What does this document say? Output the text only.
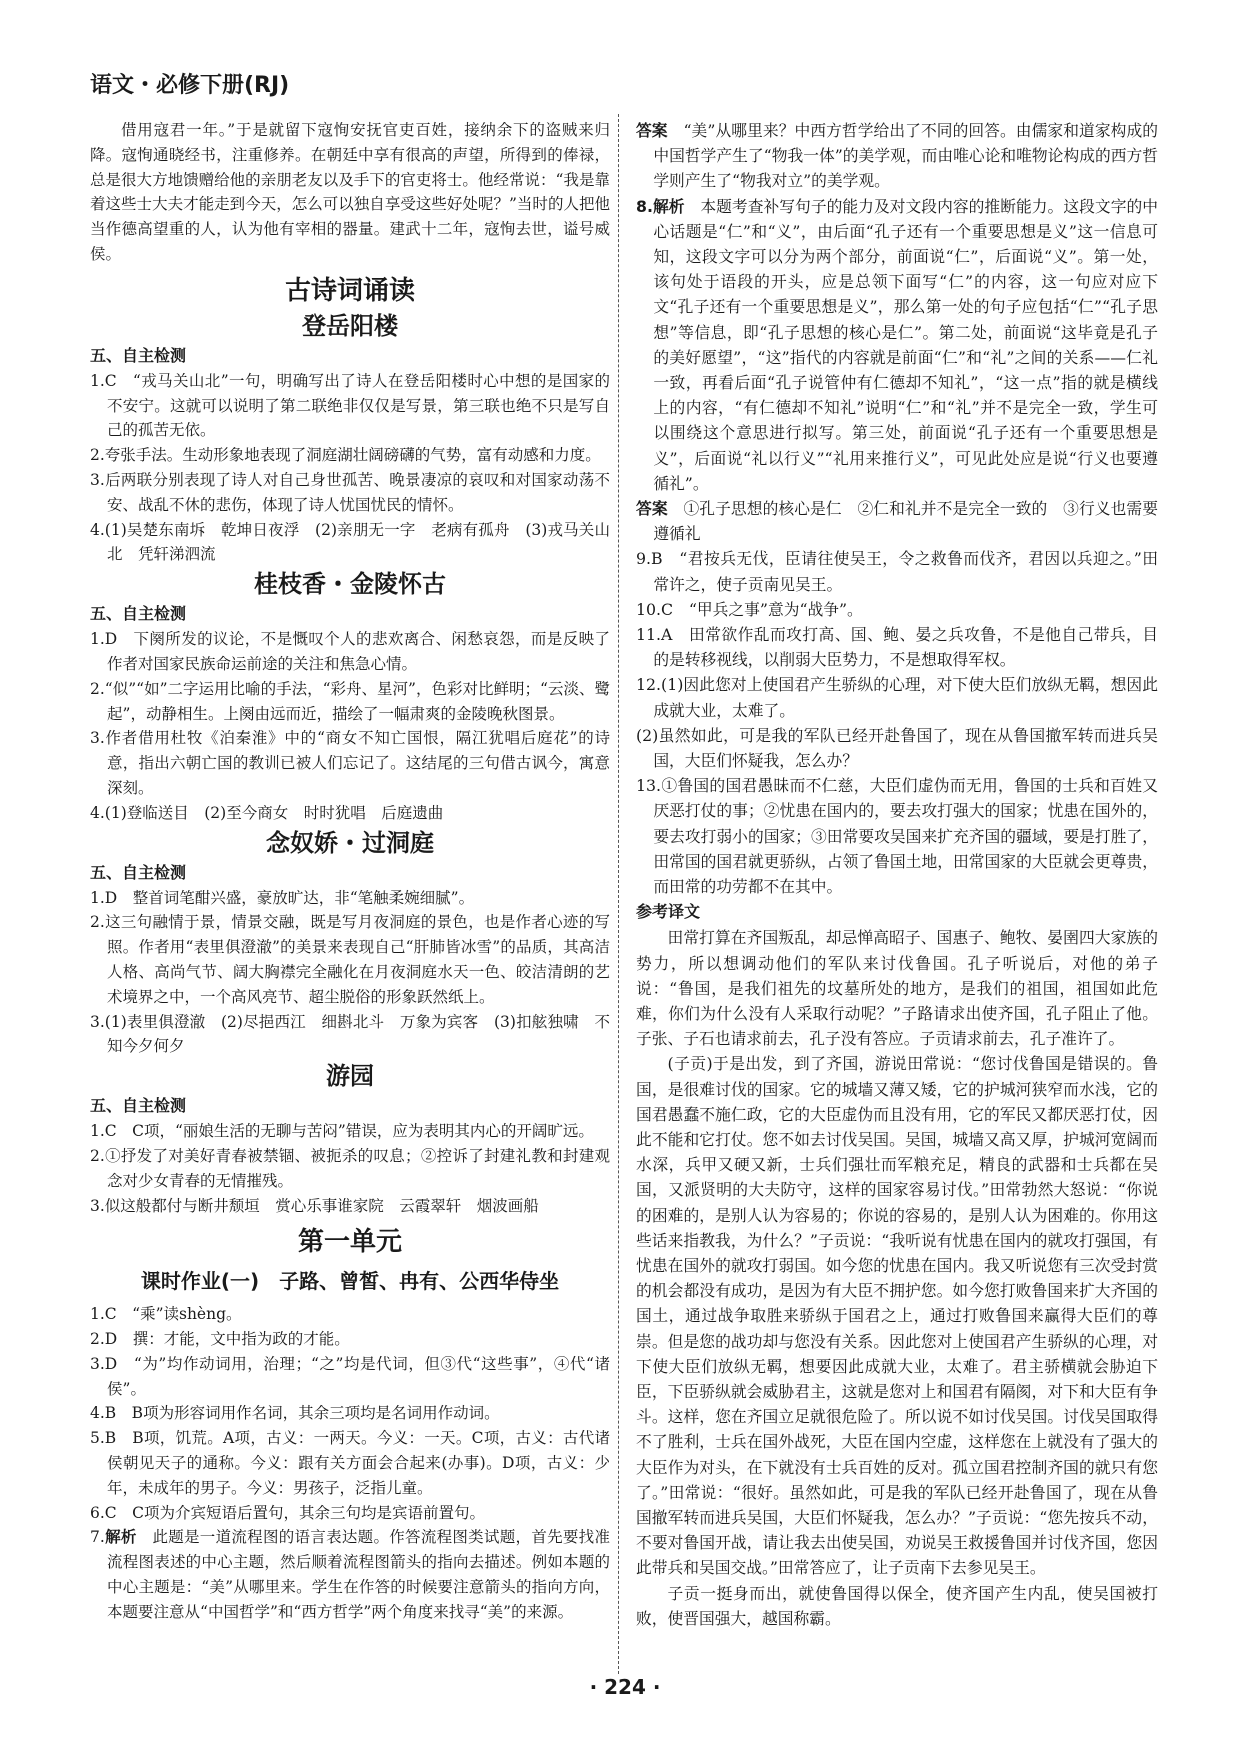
语文・必修下册(RJ)

借用寇君一年。”于是就留下寇恂安抚官吏百姓，接纳余下的盗贼来归降。寇恂通晓经书，注重修养。在朝廷中享有很高的声望，所得到的俸禄，总是很大方地馈赠给他的亲朋老友以及手下的官吏将士。他经常说：“我是靠着这些士大夫才能走到今天，怎么可以独自享受这些好处呢？”当时的人把他当作德高望重的人，认为他有宰相的器量。建武十二年，寇恂去世，谥号威侯。

古诗词诵读
登岳阳楼
五、自主检测

1.C　“戎马关山北”一句，明确写出了诗人在登岳阳楼时心中想的是国家的不安宁。这就可以说明了第二联绝非仅仅是写景，第三联也绝不只是写自己的孤苦无依。

2.夸张手法。生动形象地表现了洞庭湖壮阔磅礴的气势，富有动感和力度。

3.后两联分别表现了诗人对自己身世孤苦、晚景凄凉的哀叹和对国家动荡不安、战乱不休的悲伤，体现了诗人忧国忧民的情怀。

4.(1)吴楚东南坼　乾坤日夜浮　(2)亲朋无一字　老病有孤舟　(3)戎马关山北　凭轩涕泗流

桂枝香・金陵怀古
五、自主检测

1.D　下阕所发的议论，不是慨叹个人的悲欢离合、闲愁哀怨，而是反映了作者对国家民族命运前途的关注和焦急心情。

2.“似”“如”二字运用比喻的手法，“彩舟、星河”，色彩对比鲜明；“云淡、鹭起”，动静相生。上阕由远而近，描绘了一幅肃爽的金陵晚秋图景。

3.作者借用杜牧《泊秦淮》中的“商女不知亡国恨，隔江犹唱后庭花”的诗意，指出六朝亡国的教训已被人们忘记了。这结尾的三句借古讽今，寓意深刻。

4.(1)登临送目　(2)至今商女　时时犹唱　后庭遗曲

念奴娇・过洞庭
五、自主检测

1.D　整首词笔酣兴盛，豪放旷达，非“笔触柔婉细腻”。

2.这三句融情于景，情景交融，既是写月夜洞庭的景色，也是作者心迹的写照。作者用“表里俱澄澈”的美景来表现自己“肝肺皆冰雪”的品质，其高洁人格、高尚气节、阔大胸襟完全融化在月夜洞庭水天一色、皎洁清朗的艺术境界之中，一个高风亮节、超尘脱俗的形象跃然纸上。

3.(1)表里俱澄澈　(2)尽挹西江　细斟北斗　万象为宾客　(3)扣舷独啸　不知今夕何夕

游园
五、自主检测

1.C　C项，“丽娘生活的无聊与苦闷”错误，应为表明其内心的开阔旷远。

2.①抒发了对美好青春被禁锢、被扼杀的叹息；②控诉了封建礼教和封建观念对少女青春的无情摧残。

3.似这般都付与断井颓垣　赏心乐事谁家院　云霞翠轩　烟波画船

第一单元
课时作业(一)　子路、曾皙、冉有、公西华侍坐

1.C　“乘”读shèng。

2.D　撰：才能，文中指为政的才能。

3.D　“为”均作动词用，治理；“之”均是代词，但③代“这些事”，④代“诸侯”。

4.B　B项为形容词用作名词，其余三项均是名词用作动词。

5.B　B项，饥荒。A项，古义：一两天。今义：一天。C项，古义：古代诸侯朝见天子的通称。今义：跟有关方面会合起来(办事)。D项，古义：少年，未成年的男子。今义：男孩子，泛指儿童。

6.C　C项为介宾短语后置句，其余三句均是宾语前置句。

7.解析　 此题是一道流程图的语言表达题。作答流程图类试题，首先要找准流程图表述的中心主题，然后顺着流程图箭头的指向去描述。例如本题的中心主题是：“美”从哪里来。学生在作答的时候要注意箭头的指向方向，本题要注意从“中国哲学”和“西方哲学”两个角度来找寻“美”的来源。

答案　 “美”从哪里来？中西方哲学给出了不同的回答。由儒家和道家构成的中国哲学产生了“物我一体”的美学观，而由唯心论和唯物论构成的西方哲学则产生了“物我对立”的美学观。

8.解析　 本题考查补写句子的能力及对文段内容的推断能力。这段文字的中心话题是“仁”和“义”，由后面“孔子还有一个重要思想是义”这一信息可知，这段文字可以分为两个部分，前面说“仁”，后面说“义”。第一处，该句处于语段的开头，应是总领下面写“仁”的内容，这一句应对应下文“孔子还有一个重要思想是义”，那么第一处的句子应包括“仁”“孔子思想”等信息，即“孔子思想的核心是仁”。第二处，前面说“这毕竟是孔子的美好愿望”，“这”指代的内容就是前面“仁”和“礼”之间的关系——仁礼一致，再看后面“孔子说管仲有仁德却不知礼”，“这一点”指的就是横线上的内容，“有仁德却不知礼”说明“仁”和“礼”并不是完全一致，学生可以围绕这个意思进行拟写。第三处，前面说“孔子还有一个重要思想是义”，后面说“礼以行义”“礼用来推行义”，可见此处应是说“行义也要遵循礼”。

答案　 ①孔子思想的核心是仁　②仁和礼并不是完全一致的　③行义也需要遵循礼

9.B　“君按兵无伐，臣请往使吴王，令之救鲁而伐齐，君因以兵迎之。”田常许之，使子贡南见吴王。

10.C　“甲兵之事”意为“战争”。

11.A　田常欲作乱而攻打高、国、鲍、晏之兵攻鲁，不是他自己带兵，目的是转移视线，以削弱大臣势力，不是想取得军权。

12.(1)因此您对上使国君产生骄纵的心理，对下使大臣们放纵无羁，想因此成就大业，太难了。

(2)虽然如此，可是我的军队已经开赴鲁国了，现在从鲁国撤军转而进兵吴国，大臣们怀疑我，怎么办？

13.①鲁国的国君愚昧而不仁慈，大臣们虚伪而无用，鲁国的士兵和百姓又厌恶打仗的事；②忧患在国内的，要去攻打强大的国家；忧患在国外的，要去攻打弱小的国家；③田常要攻吴国来扩充齐国的疆域，要是打胜了，田常国的国君就更骄纵，占领了鲁国土地，田常国家的大臣就会更尊贵，而田常的功劳都不在其中。

参考译文

田常打算在齐国叛乱，却忌惮高昭子、国惠子、鲍牧、晏圉四大家族的势力，所以想调动他们的军队来讨伐鲁国。孔子听说后，对他的弟子说：“鲁国，是我们祖先的坟墓所处的地方，是我们的祖国，祖国如此危难，你们为什么没有人采取行动呢？”子路请求出使齐国，孔子阻止了他。子张、子石也请求前去，孔子没有答应。子贡请求前去，孔子准许了。

(子贡)于是出发，到了齐国，游说田常说：“您讨伐鲁国是错误的。鲁国，是很难讨伐的国家。它的城墙又薄又矮，它的护城河狭窄而水浅，它的国君愚蠢不施仁政，它的大臣虚伪而且没有用，它的军民又都厌恶打仗，因此不能和它打仗。您不如去讨伐吴国。吴国，城墙又高又厚，护城河宽阔而水深，兵甲又硬又新，士兵们强壮而军粮充足，精良的武器和士兵都在吴国，又派贤明的大夫防守，这样的国家容易讨伐。”田常勃然大怒说：“你说的困难的，是别人认为容易的；你说的容易的，是别人认为困难的。你用这些话来指教我，为什么？”子贡说：“我听说有忧患在国内的就攻打强国，有忧患在国外的就攻打弱国。如今您的忧患在国内。我又听说您有三次受封赏的机会都没有成功，是因为有大臣不拥护您。如今您打败鲁国来扩大齐国的国土，通过战争取胜来骄纵于国君之上，通过打败鲁国来赢得大臣们的尊崇。但是您的战功却与您没有关系。因此您对上使国君产生骄纵的心理，对下使大臣们放纵无羁，想要因此成就大业，太难了。君主骄横就会胁迫下臣，下臣骄纵就会威胁君主，这就是您对上和国君有隔阂，对下和大臣有争斗。这样，您在齐国立足就很危险了。所以说不如讨伐吴国。讨伐吴国取得不了胜利，士兵在国外战死，大臣在国内空虚，这样您在上就没有了强大的大臣作为对头，在下就没有士兵百姓的反对。孤立国君控制齐国的就只有您了。”田常说：“很好。虽然如此，可是我的军队已经开赴鲁国了，现在从鲁国撤军转而进兵吴国，大臣们怀疑我，怎么办？”子贡说：“您先按兵不动，不要对鲁国开战，请让我去出使吴国，劝说吴王救援鲁国并讨伐齐国，您因此带兵和吴国交战。”田常答应了，让子贡南下去参见吴王。

子贡一挺身而出，就使鲁国得以保全，使齐国产生内乱，使吴国被打败，使晋国强大，越国称霸。

· 224 ·
